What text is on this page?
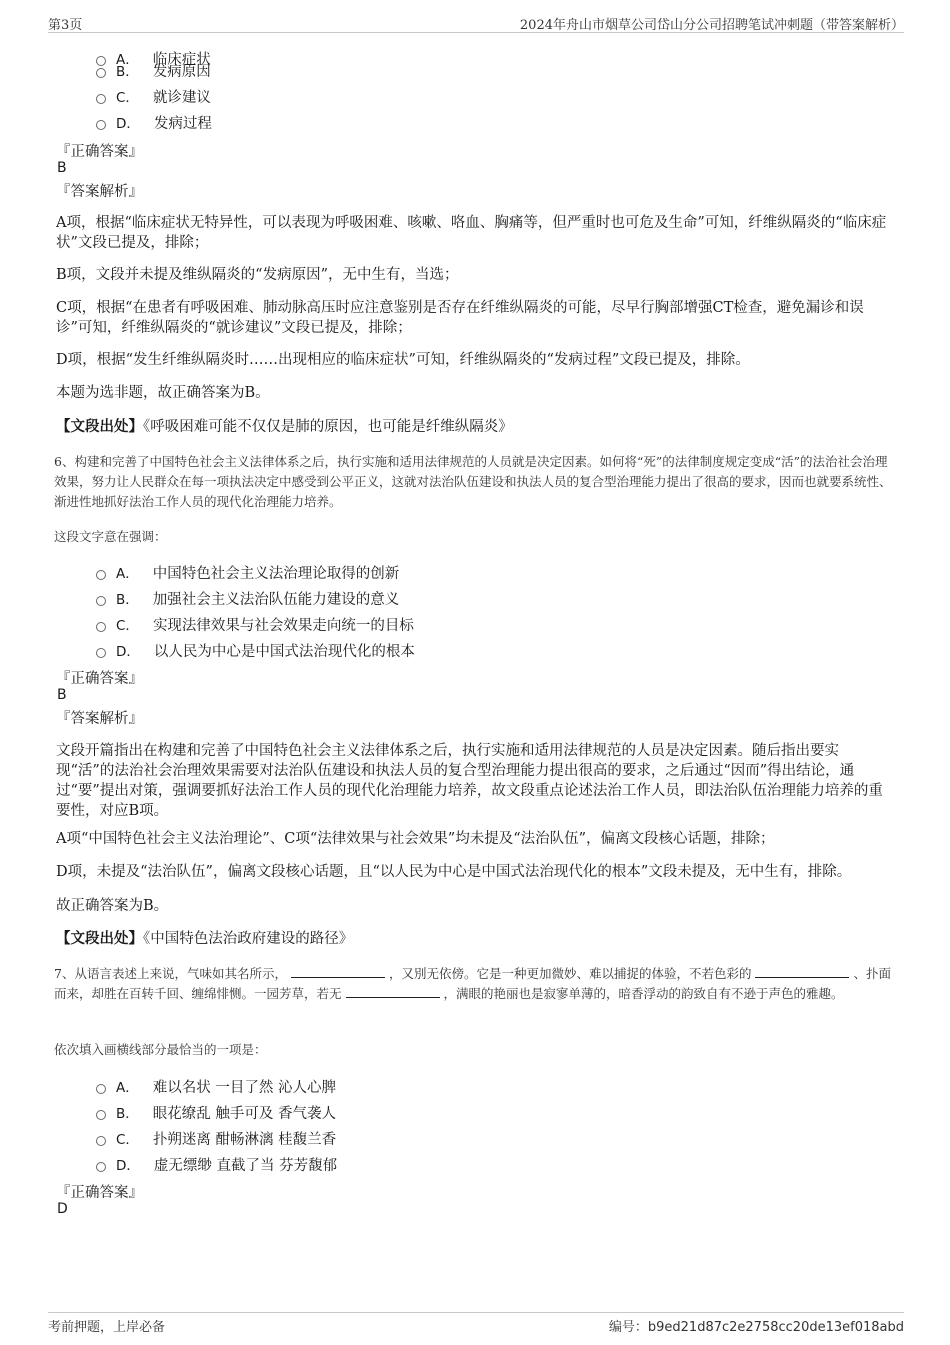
第3页	2024年舟山市烟草公司岱山分公司招聘笔试冲刺题（带答案解析）
A． 临床症状
B． 发病原因
C． 就诊建议
D． 发病过程
『正确答案』
B
『答案解析』
A项，根据“临床症状无特异性，可以表现为呼吸困难、咳嗽、咯血、胸痛等，但严重时也可危及生命”可知，纤维纵隔炎的“临床症状”文段已提及，排除；
B项，文段并未提及维纵隔炎的“发病原因”，无中生有，当选；
C项，根据“在患者有呼吸困难、肺动脉高压时应注意鉴别是否存在纤维纵隔炎的可能，尽早行胸部增强CT检查，避免漏诊和误诊”可知，纤维纵隔炎的“就诊建议”文段已提及，排除；
D项，根据“发生纤维纵隔炎时……出现相应的临床症状”可知，纤维纵隔炎的“发病过程”文段已提及，排除。
本题为选非题，故正确答案为B。
【文段出处】《呼吸困难可能不仅仅是肺的原因，也可能是纤维纵隔炎》
6、构建和完善了中国特色社会主义法律体系之后，执行实施和适用法律规范的人员就是决定因素。如何将“死”的法律制度规定变成“活”的法治社会治理效果，努力让人民群众在每一项执法决定中感受到公平正义，这就对法治队伍建设和执法人员的复合型治理能力提出了很高的要求，因而也就要系统性、渐进性地抓好法治工作人员的现代化治理能力培养。
这段文字意在强调：
A． 中国特色社会主义法治理论取得的创新
B． 加强社会主义法治队伍能力建设的意义
C． 实现法律效果与社会效果走向统一的目标
D． 以人民为中心是中国式法治现代化的根本
『正确答案』
B
『答案解析』
文段开篇指出在构建和完善了中国特色社会主义法律体系之后，执行实施和适用法律规范的人员是决定因素。随后指出要实现“活”的法治社会治理效果需要对法治队伍建设和执法人员的复合型治理能力提出很高的要求，之后通过“因而”得出结论，通过“要”提出对策，强调要抓好法治工作人员的现代化治理能力培养，故文段重点论述法治工作人员，即法治队伍治理能力培养的重要性，对应B项。
A项“中国特色社会主义法治理论”、C项“法律效果与社会效果”均未提及“法治队伍”，偏离文段核心话题，排除；
D项，未提及“法治队伍”，偏离文段核心话题，且“以人民为中心是中国式法治现代化的根本”文段未提及，无中生有，排除。
故正确答案为B。
【文段出处】《中国特色法治政府建设的路径》
7、从语言表述上来说，气味如其名所示，	，又別无依傍。它是一种更加微妙、难以捕捉的体验，不若色彩的	、扑面而来，却胜在百转千回、缠绵悱恻。一园芳草，若无	，满眼的艳丽也是寂寥单薄的，暗香浮动的韵致自有不逊于声色的雅趣。
依次填入画横线部分最恰当的一项是：
A． 难以名状 一目了然 沁人心脾
B． 眼花缭乱 触手可及 香气袭人
C． 扑朔迷离 酣畅淋漓 桂馥兰香
D． 虚无缥缈 直截了当 芬芳馥郁
『正确答案』
D
考前押题，上岸必备	编号：b9ed21d87c2e2758cc20de13ef018abd
